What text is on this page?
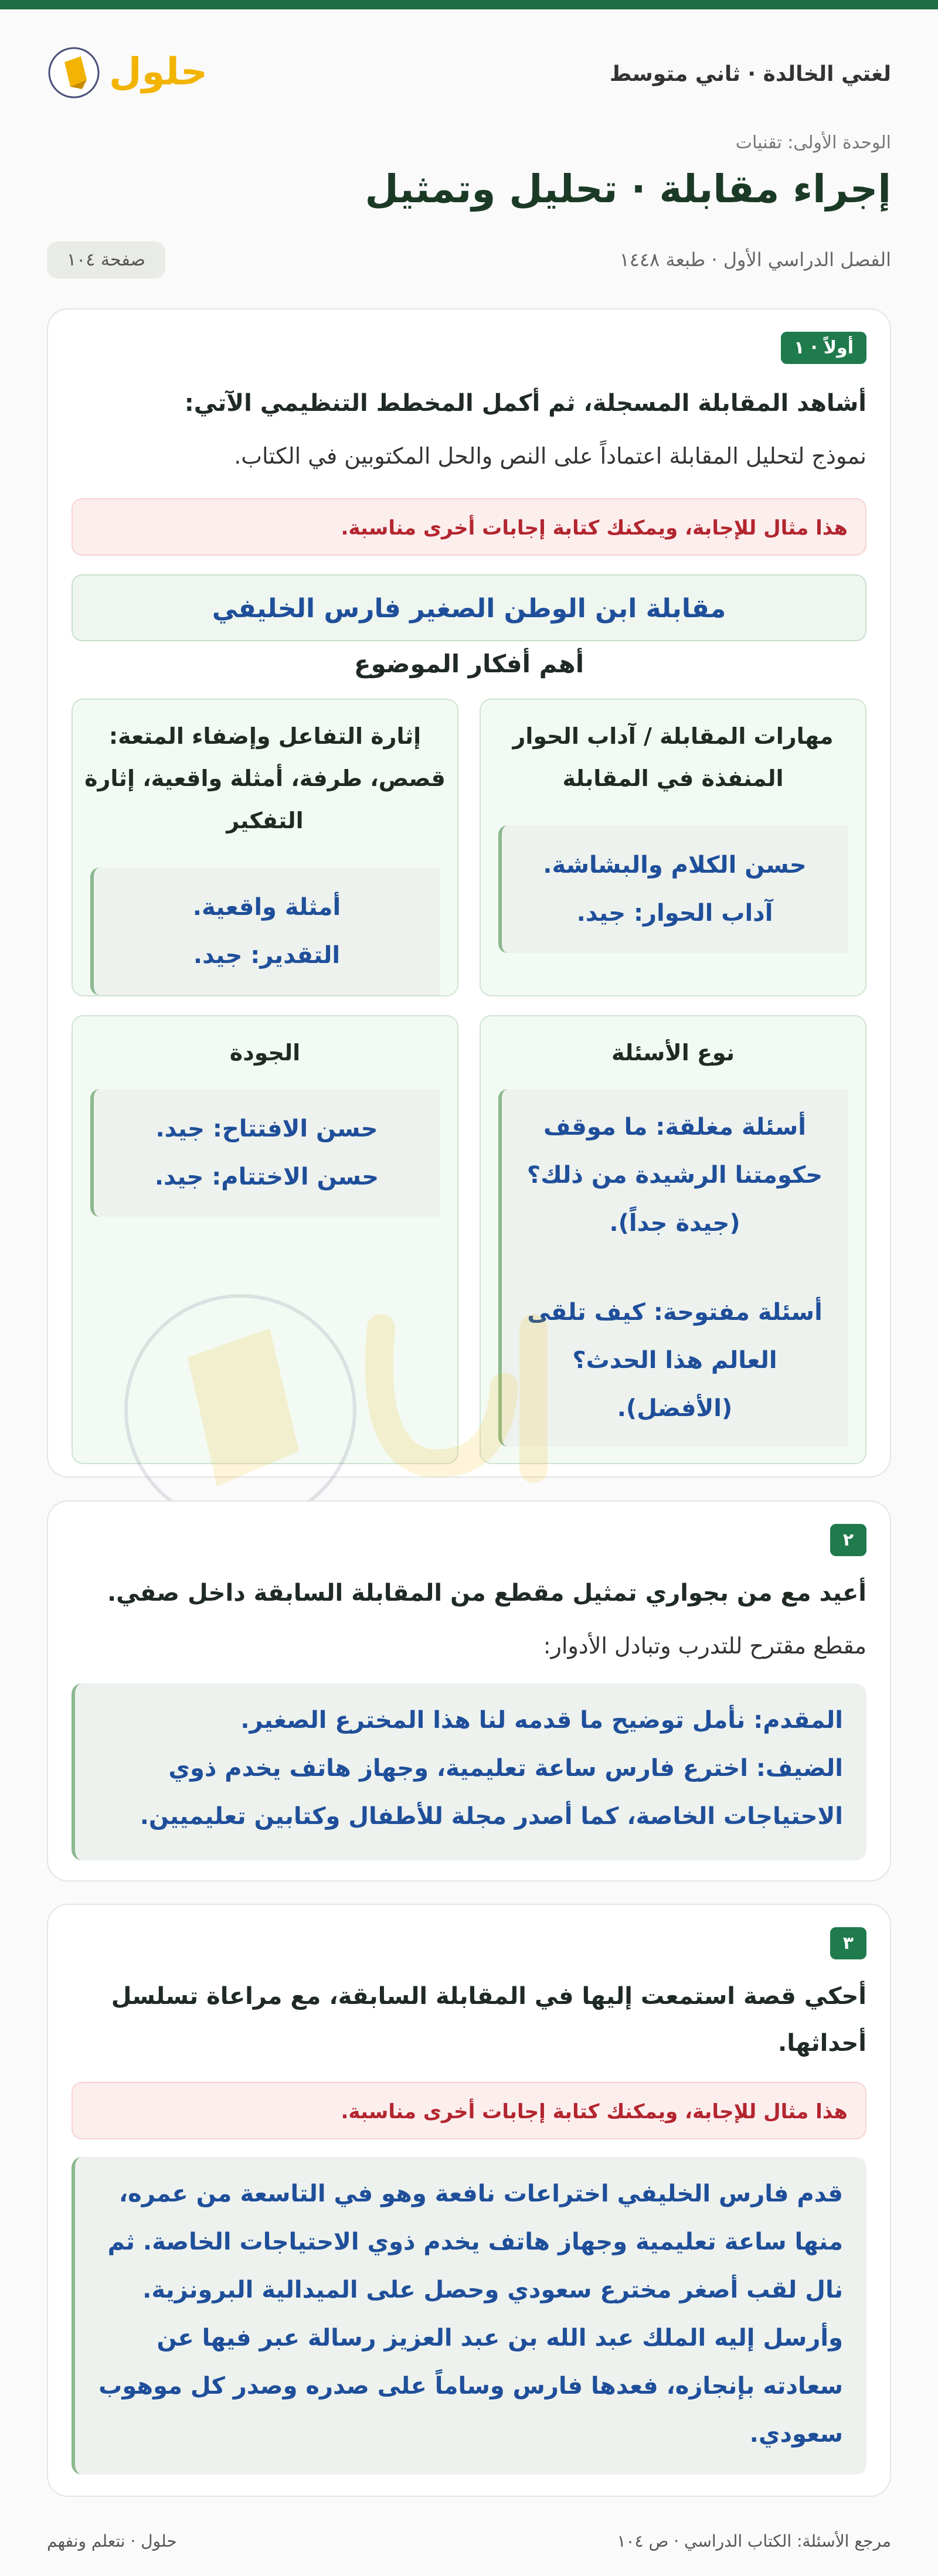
لغتي الخالدة · ثاني متوسط
حلول
الوحدة الأولى: تقنيات
إجراء مقابلة · تحليل وتمثيل
الفصل الدراسي الأول · طبعة ١٤٤٨
صفحة ١٠٤
أولاً · ١
أشاهد المقابلة المسجلة، ثم أكمل المخطط التنظيمي الآتي:
نموذج لتحليل المقابلة اعتماداً على النص والحل المكتوبين في الكتاب.
هذا مثال للإجابة، ويمكنك كتابة إجابات أخرى مناسبة.
مقابلة ابن الوطن الصغير فارس الخليفي
أهم أفكار الموضوع
مهارات المقابلة / آداب الحوار المنفذة في المقابلة
حسن الكلام والبشاشة.
آداب الحوار: جيد.
إثارة التفاعل وإضفاء المتعة: قصص، طرفة، أمثلة واقعية، إثارة التفكير
أمثلة واقعية.
التقدير: جيد.
نوع الأسئلة
أسئلة مغلقة: ما موقف حكومتنا الرشيدة من ذلك؟ (جيدة جداً).
أسئلة مفتوحة: كيف تلقى العالم هذا الحدث؟ (الأفضل).
الجودة
حسن الافتتاح: جيد.
حسن الاختتام: جيد.
٢
أعيد مع من بجواري تمثيل مقطع من المقابلة السابقة داخل صفي.
مقطع مقترح للتدرب وتبادل الأدوار:
المقدم: نأمل توضيح ما قدمه لنا هذا المخترع الصغير.
الضيف: اخترع فارس ساعة تعليمية، وجهاز هاتف يخدم ذوي الاحتياجات الخاصة، كما أصدر مجلة للأطفال وكتابين تعليميين.
٣
أحكي قصة استمعت إليها في المقابلة السابقة، مع مراعاة تسلسل أحداثها.
هذا مثال للإجابة، ويمكنك كتابة إجابات أخرى مناسبة.
قدم فارس الخليفي اختراعات نافعة وهو في التاسعة من عمره، منها ساعة تعليمية وجهاز هاتف يخدم ذوي الاحتياجات الخاصة. ثم نال لقب أصغر مخترع سعودي وحصل على الميدالية البرونزية. وأرسل إليه الملك عبد الله بن عبد العزيز رسالة عبر فيها عن سعادته بإنجازه، فعدها فارس وساماً على صدره وصدر كل موهوب سعودي.
حلول · نتعلم ونفهم	مرجع الأسئلة: الكتاب الدراسي · ص ١٠٤
